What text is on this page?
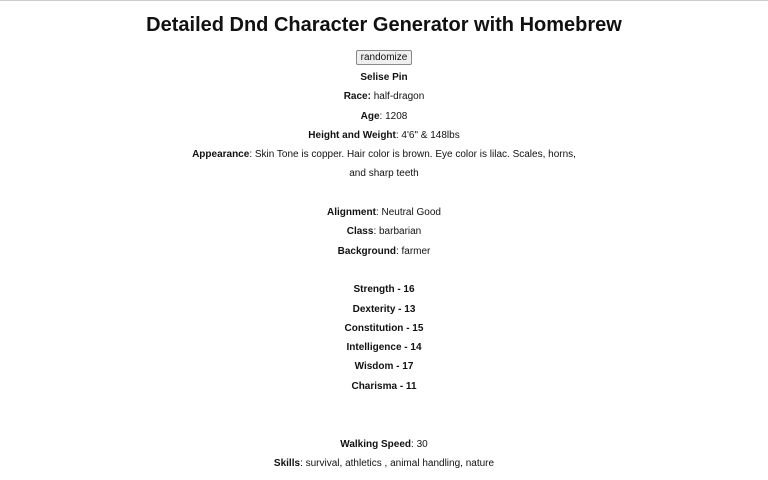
Detailed Dnd Character Generator with Homebrew
randomize
Selise Pin
Race: half-dragon
Age: 1208
Height and Weight: 4'6" & 148lbs
Appearance: Skin Tone is copper. Hair color is brown. Eye color is lilac. Scales, horns, and sharp teeth
Alignment: Neutral Good
Class: barbarian
Background: farmer
Strength - 16
Dexterity - 13
Constitution - 15
Intelligence - 14
Wisdom - 17
Charisma - 11
Walking Speed: 30
Skills: survival, athletics , animal handling, nature
